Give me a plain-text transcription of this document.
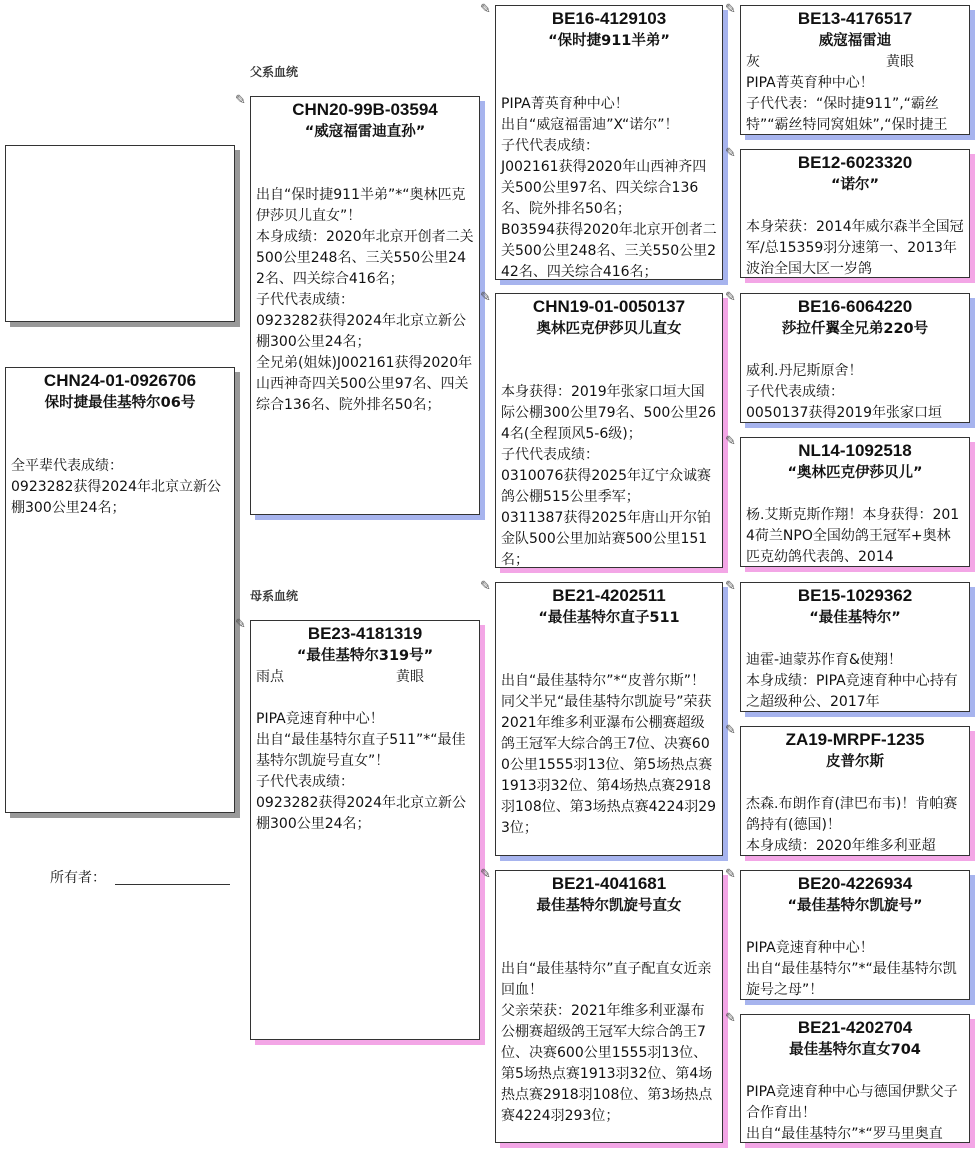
父系血统
母系血统
所有者：
CHN24-01-0926706
保时捷最佳基特尔06号
全平辈代表成绩：
0923282获得2024年北京立新公棚300公里24名；
✎	CHN20-99B-03594
“威寇福雷迪直孙”
出自“保时捷911半弟”*“奥林匹克伊莎贝儿直女”！
本身成绩：2020年北京开创者二关500公里248名、三关550公里242名、四关综合416名；
子代代表成绩：
0923282获得2024年北京立新公棚300公里24名；
全兄弟(姐妹)J002161获得2020年山西神奇四关500公里97名、四关综合136名、院外排名50名；
✎	BE23-4181319
“最佳基特尔319号”
雨点	黄眼
PIPA竞速育种中心！
出自“最佳基特尔直子511”*“最佳基特尔凯旋号直女”！
子代代表成绩：
0923282获得2024年北京立新公棚300公里24名；
✎	BE16-4129103
“保时捷911半弟”
PIPA菁英育种中心！
出自“威寇福雷迪”X“诺尔”！
子代代表成绩：
J002161获得2020年山西神齐四关500公里97名、四关综合136名、院外排名50名；
B03594获得2020年北京开创者二关500公里248名、三关550公里242名、四关综合416名；
✎	CHN19-01-0050137
奥林匹克伊莎贝儿直女
本身获得：2019年张家口垣大国际公棚300公里79名、500公里264名(全程顶风5-6级)；
子代代表成绩：
0310076获得2025年辽宁众诚赛鸽公棚515公里季军；
0311387获得2025年唐山开尔铂金队500公里加站赛500公里151名；
✎	BE21-4202511
“最佳基特尔直子511
出自“最佳基特尔”*“皮普尔斯”！
同父半兄“最佳基特尔凯旋号”荣获2021年维多利亚瀑布公棚赛超级鸽王冠军大综合鸽王7位、决赛600公里1555羽13位、第5场热点赛1913羽32位、第4场热点赛2918羽108位、第3场热点赛4224羽293位；
✎	BE21-4041681
最佳基特尔凯旋号直女
出自“最佳基特尔”直子配直女近亲回血！
父亲荣获：2021年维多利亚瀑布公棚赛超级鸽王冠军大综合鸽王7位、决赛600公里1555羽13位、第5场热点赛1913羽32位、第4场热点赛2918羽108位、第3场热点赛4224羽293位；
✎	BE13-4176517
威寇福雷迪
灰	黄眼
PIPA菁英育种中心！
子代代表：“保时捷911”,“霸丝特”“霸丝特同窝姐妹”,“保时捷王
✎	BE12-6023320
“诺尔”
本身荣获：2014年威尔森半全国冠军/总15359羽分速第一、2013年波治全国大区一岁鸽
✎	BE16-6064220
莎拉仟翼全兄弟220号
威利.丹尼斯原舍！
子代代表成绩：
0050137获得2019年张家口垣
✎	NL14-1092518
“奥林匹克伊莎贝儿”
杨.艾斯克斯作翔！本身获得：2014荷兰NPO全国幼鸽王冠军+奥林匹克幼鸽代表鸽、2014
✎	BE15-1029362
“最佳基特尔”
迪霍-迪蒙苏作育&使翔！
本身成绩：PIPA竞速育种中心持有之超级种公、2017年
✎	ZA19-MRPF-1235
皮普尔斯
杰森.布朗作育(津巴布韦)！肯帕赛鸽持有(德国)！
本身成绩：2020年维多利亚超
✎	BE20-4226934
“最佳基特尔凯旋号”
PIPA竞速育种中心！
出自“最佳基特尔”*“最佳基特尔凯旋号之母”！
✎	BE21-4202704
最佳基特尔直女704
PIPA竞速育种中心与德国伊默父子合作育出！
出自“最佳基特尔”*“罗马里奥直
